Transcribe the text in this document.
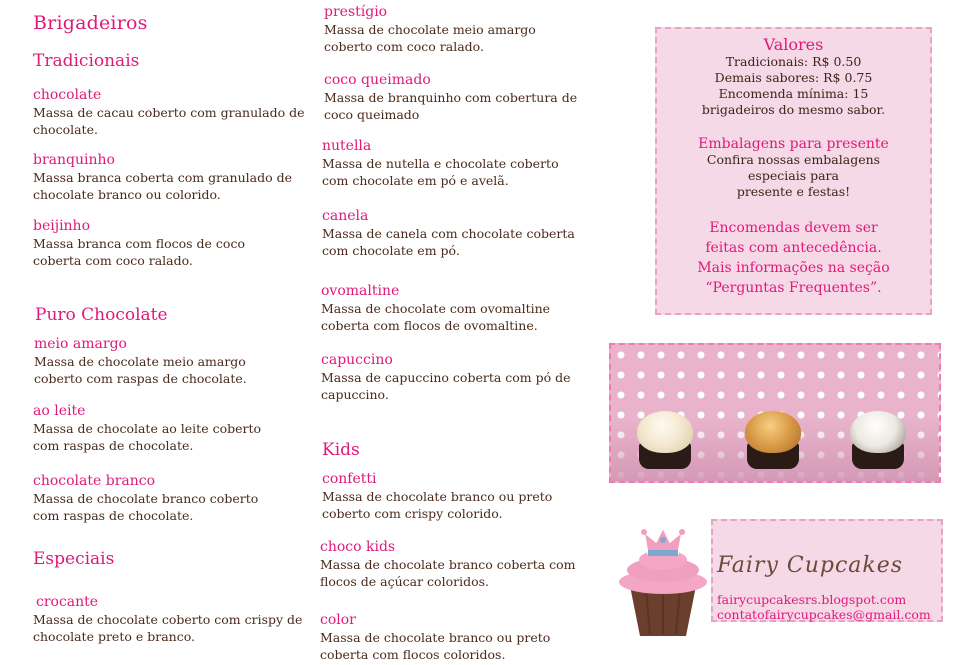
Brigadeiros
Tradicionais
chocolate
Massa de cacau coberto com granulado de chocolate.
branquinho
Massa branca coberta com granulado de chocolate branco ou colorido.
beijinho
Massa branca com flocos de coco coberta com coco ralado.
Puro Chocolate
meio amargo
Massa de chocolate meio amargo coberto com raspas de chocolate.
ao leite
Massa de chocolate ao leite coberto com raspas de chocolate.
chocolate branco
Massa de chocolate branco coberto com raspas de chocolate.
Especiais
crocante
Massa de chocolate coberto com crispy de chocolate preto e branco.
prestígio
Massa de chocolate meio amargo coberto com coco ralado.
coco queimado
Massa de branquinho com cobertura de coco queimado
nutella
Massa de nutella e chocolate coberto com chocolate em pó e avelã.
canela
Massa de canela com chocolate coberta com chocolate em pó.
ovomaltine
Massa de chocolate com ovomaltine coberta com flocos de ovomaltine.
capuccino
Massa de capuccino coberta com pó de capuccino.
Kids
confetti
Massa de chocolate branco ou preto coberto com crispy colorido.
choco kids
Massa de chocolate branco coberta com flocos de açúcar coloridos.
color
Massa de chocolate branco ou preto coberta com flocos coloridos.
Valores
Tradicionais: R$ 0.50
Demais sabores: R$ 0.75
Encomenda mínima: 15
brigadeiros do mesmo sabor.
Embalagens para presente
Confira nossas embalagens
especiais para
presente e festas!
Encomendas devem ser
feitas com antecedência.
Mais informações na seção
“Perguntas Frequentes”.
Fairy Cupcakes
fairycupcakesrs.blogspot.com
contatofairycupcakes@gmail.com
